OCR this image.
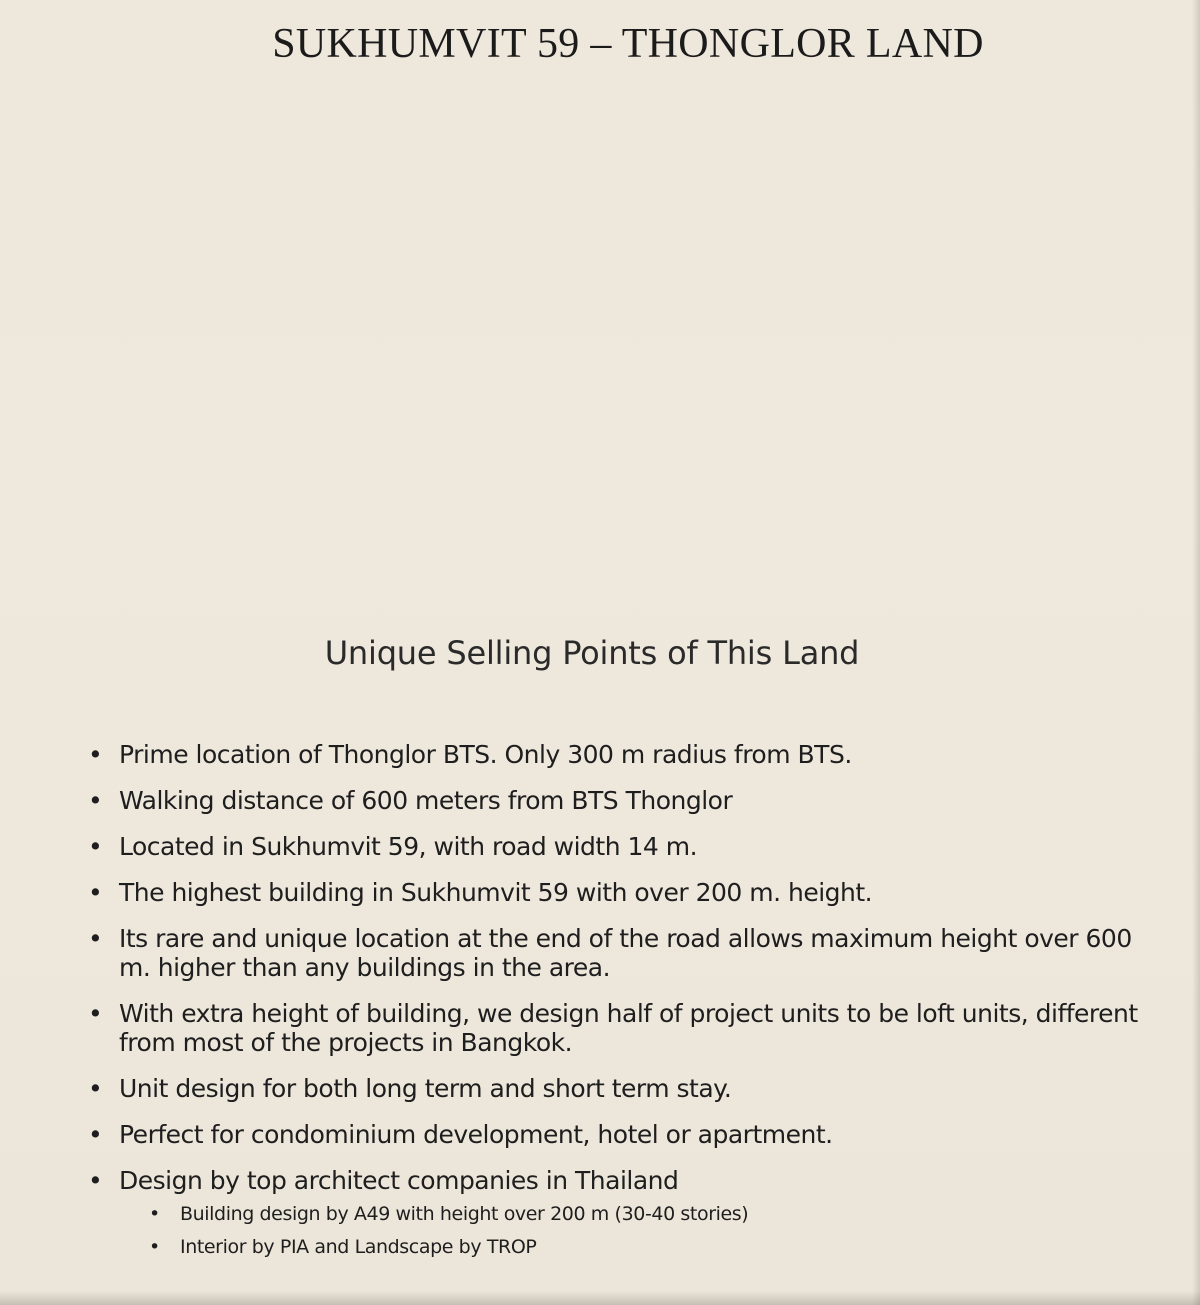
SUKHUMVIT 59 – THONGLOR LAND
Unique Selling Points of This Land
• Prime location of Thonglor BTS. Only 300 m radius from BTS.
• Walking distance of 600 meters from BTS Thonglor
• Located in Sukhumvit 59, with road width 14 m.
• The highest building in Sukhumvit 59 with over 200 m. height.
• Its rare and unique location at the end of the road allows maximum height over 600 m. higher than any buildings in the area.
• With extra height of building, we design half of project units to be loft units, different from most of the projects in Bangkok.
• Unit design for both long term and short term stay.
• Perfect for condominium development, hotel or apartment.
• Design by top architect companies in Thailand
• Building design by A49 with height over 200 m (30-40 stories)
• Interior by PIA and Landscape by TROP
